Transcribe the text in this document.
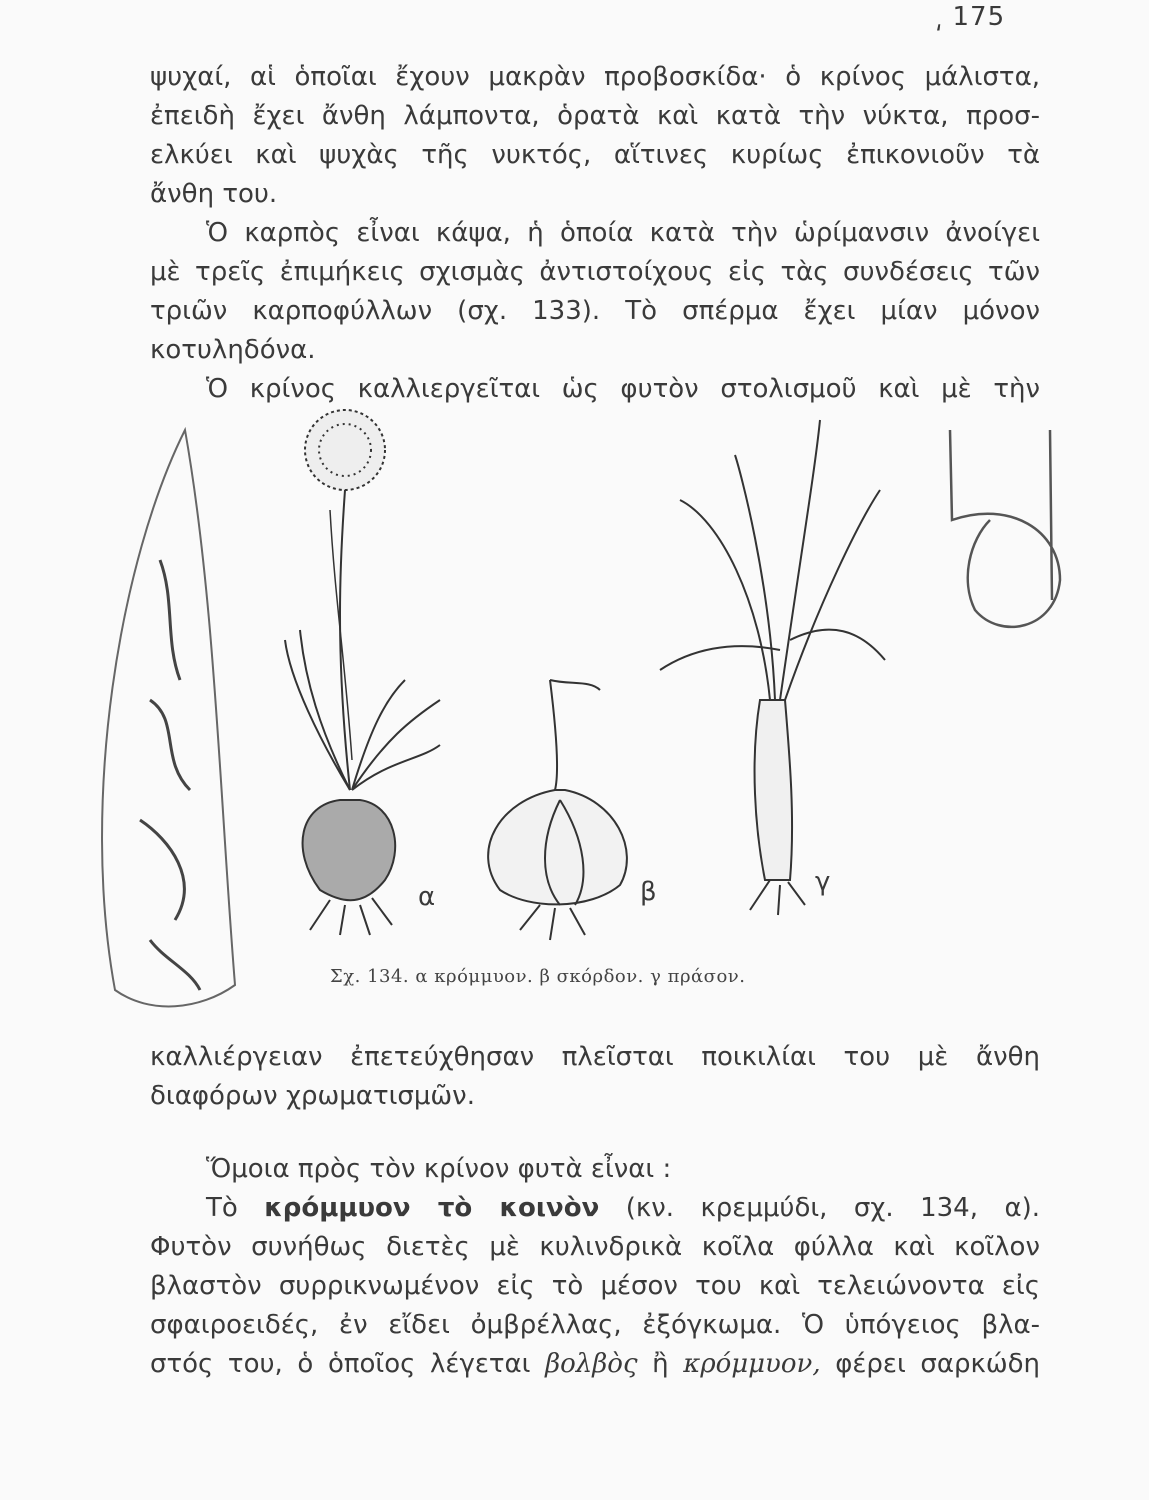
͵ 175
ψυχαί, αἱ ὁποῖαι ἔχουν μακρὰν προβοσκίδα· ὁ κρίνος μάλιστα,
ἐπειδὴ ἔχει ἄνθη λάμποντα, ὁρατὰ καὶ κατὰ τὴν νύκτα, προσ-
ελκύει καὶ ψυχὰς τῆς νυκτός, αἵτινες κυρίως ἐπικονιοῦν τὰ
ἄνθη του.
Ὁ καρπὸς εἶναι κάψα, ἡ ὁποία κατὰ τὴν ὡρίμανσιν ἀνοίγει
μὲ τρεῖς ἐπιμήκεις σχισμὰς ἀντιστοίχους εἰς τὰς συνδέσεις τῶν
τριῶν καρποφύλλων (σχ. 133). Τὸ σπέρμα ἔχει μίαν μόνον
κοτυληδόνα.
Ὁ κρίνος καλλιεργεῖται ὡς φυτὸν στολισμοῦ καὶ μὲ τὴν
α	β	γ
Σχ. 134. α κρόμμυον. β σκόρδον. γ πράσον.
καλλιέργειαν ἐπετεύχθησαν πλεῖσται ποικιλίαι του μὲ ἄνθη
διαφόρων χρωματισμῶν.
Ὅμοια πρὸς τὸν κρίνον φυτὰ εἶναι :
Τὸ κρόμμυον τὸ κοινὸν (κν. κρεμμύδι, σχ. 134, α).
Φυτὸν συνήθως διετὲς μὲ κυλινδρικὰ κοῖλα φύλλα καὶ κοῖλον
βλαστὸν συρρικνωμένον εἰς τὸ μέσον του καὶ τελειώνοντα εἰς
σφαιροειδές, ἐν εἴδει ὀμβρέλλας, ἐξόγκωμα. Ὁ ὑπόγειος βλα-
στός του, ὁ ὁποῖος λέγεται βολβὸς ἢ κρόμμυον, φέρει σαρκώδη
